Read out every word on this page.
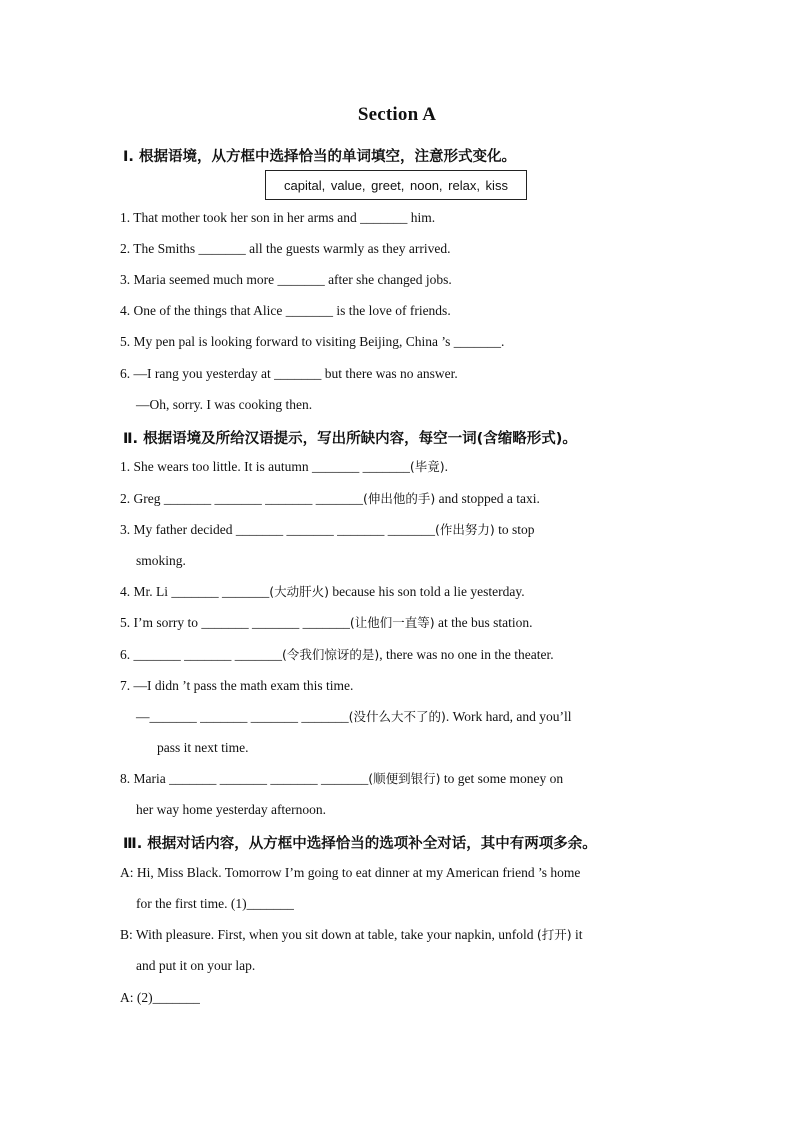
Section A
Ⅰ. 根据语境，从方框中选择恰当的单词填空，注意形式变化。
capital, value, greet, noon, relax, kiss
1. That mother took her son in her arms and _______ him.
2. The Smiths _______ all the guests warmly as they arrived.
3. Maria seemed much more _______ after she changed jobs.
4. One of the things that Alice _______ is the love of friends.
5. My pen pal is looking forward to visiting Beijing, China ’s _______.
6. —I rang you yesterday at _______ but there was no answer.
—Oh, sorry. I was cooking then.
Ⅱ. 根据语境及所给汉语提示，写出所缺内容，每空一词(含缩略形式)。
1. She wears too little. It is autumn _______ _______(毕竟).
2. Greg _______ _______ _______ _______(伸出他的手) and stopped a taxi.
3. My father decided _______ _______ _______ _______(作出努力) to stop
smoking.
4. Mr. Li _______ _______(大动肝火) because his son told a lie yesterday.
5. I’m sorry to _______ _______ _______(让他们一直等) at the bus station.
6. _______ _______ _______(令我们惊讶的是), there was no one in the theater.
7. —I didn ’t pass the math exam this time.
—_______ _______ _______ _______(没什么大不了的). Work hard, and you’ll
pass it next time.
8. Maria _______ _______ _______ _______(顺便到银行) to get some money on
her way home yesterday afternoon.
Ⅲ. 根据对话内容，从方框中选择恰当的选项补全对话，其中有两项多余。
A: Hi, Miss Black. Tomorrow I’m going to eat dinner at my American friend ’s home
for the first time. (1)_______
B: With pleasure. First, when you sit down at table, take your napkin, unfold (打开) it
and put it on your lap.
A: (2)_______
